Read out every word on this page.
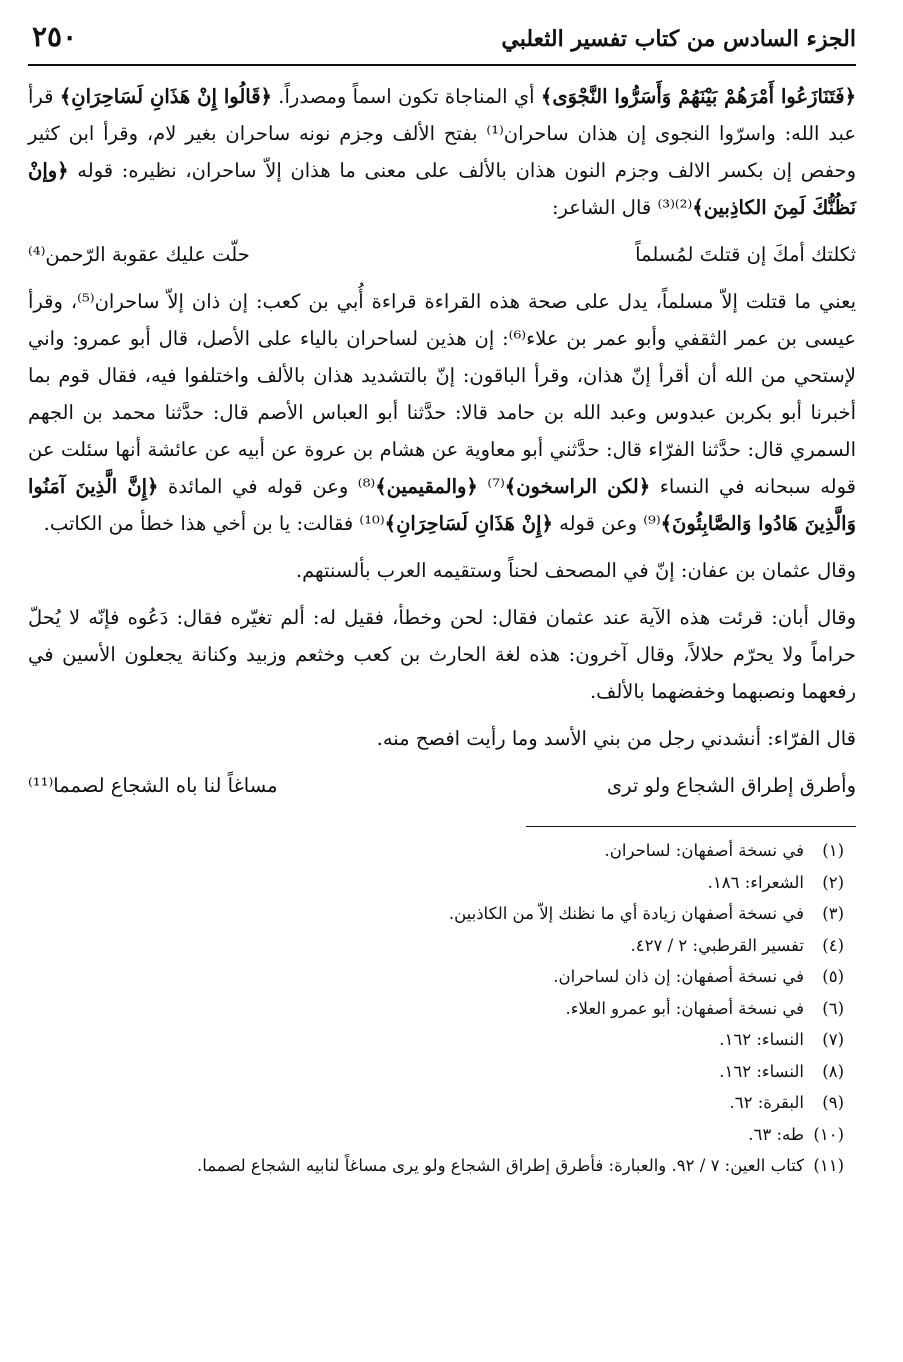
الجزء السادس من كتاب تفسير الثعلبي
٢٥٠

﴿فَتَنَازَعُوا أَمْرَهُمْ بَيْنَهُمْ وَأَسَرُّوا النَّجْوَى﴾ أي المناجاة تكون اسماً ومصدراً. ﴿قَالُوا إِنْ هَذَانِ لَسَاحِرَانِ﴾ قرأ عبد الله: واسرّوا النجوى إن هذان ساحران⁽¹⁾ بفتح الألف وجزم نونه ساحران بغير لام، وقرأ ابن كثير وحفص إن بكسر الالف وجزم النون هذان بالألف على معنى ما هذان إلاّ ساحران، نظيره: قوله ﴿وإنْ نَظُنُّكَ لَمِنَ الكاذِبين﴾⁽²⁾⁽³⁾ قال الشاعر:

ثكلتك أمكَ إن قتلتَ لمُسلماً
حلّت عليك عقوبة الرّحمن⁽⁴⁾

يعني ما قتلت إلاّ مسلماً، يدل على صحة هذه القراءة قراءة أُبي بن كعب: إن ذان إلاّ ساحران⁽⁵⁾، وقرأ عيسى بن عمر الثقفي وأبو عمر بن علاء⁽⁶⁾: إن هذين لساحران بالياء على الأصل، قال أبو عمرو: واني لإستحي من الله أن أقرأ إنّ هذان، وقرأ الباقون: إنّ بالتشديد هذان بالألف واختلفوا فيه، فقال قوم بما أخبرنا أبو بكربن عبدوس وعبد الله بن حامد قالا: حدَّثنا أبو العباس الأصم قال: حدَّثنا محمد بن الجهم السمري قال: حدَّثنا الفرّاء قال: حدَّثني أبو معاوية عن هشام بن عروة عن أبيه عن عائشة أنها سئلت عن قوله سبحانه في النساء ﴿لكن الراسخون﴾⁽⁷⁾ ﴿والمقيمين﴾⁽⁸⁾ وعن قوله في المائدة ﴿إِنَّ الَّذِينَ آمَنُوا وَالَّذِينَ هَادُوا وَالصَّابِئُونَ﴾⁽⁹⁾ وعن قوله ﴿إِنْ هَذَانِ لَسَاحِرَانِ﴾⁽¹⁰⁾ فقالت: يا بن أخي هذا خطأ من الكاتب.

وقال عثمان بن عفان: إنّ في المصحف لحناً وستقيمه العرب بألسنتهم.

وقال أبان: قرئت هذه الآية عند عثمان فقال: لحن وخطأ، فقيل له: ألم تغيّره فقال: دَعُوه فإنّه لا يُحلّ حراماً ولا يحرّم حلالاً، وقال آخرون: هذه لغة الحارث بن كعب وخثعم وزبيد وكنانة يجعلون الأسين في رفعهما ونصبهما وخفضهما بالألف.

قال الفرّاء: أنشدني رجل من بني الأسد وما رأيت افصح منه.

وأطرق إطراق الشجاع ولو ترى
مساغاً لنا باه الشجاع لصمما⁽¹¹⁾
(١)في نسخة أصفهان: لساحران.
(٢)الشعراء: ١٨٦.
(٣)في نسخة أصفهان زيادة أي ما نظنك إلاّ من الكاذبين.
(٤)تفسير القرطبي: ٢ / ٤٢٧.
(٥)في نسخة أصفهان: إن ذان لساحران.
(٦)في نسخة أصفهان: أبو عمرو العلاء.
(٧)النساء: ١٦٢.
(٨)النساء: ١٦٢.
(٩)البقرة: ٦٢.
(١٠)طه: ٦٣.
(١١)كتاب العين: ٧ / ٩٢. والعبارة: فأطرق إطراق الشجاع ولو يرى مساغاً لنابيه الشجاع لصمما.
